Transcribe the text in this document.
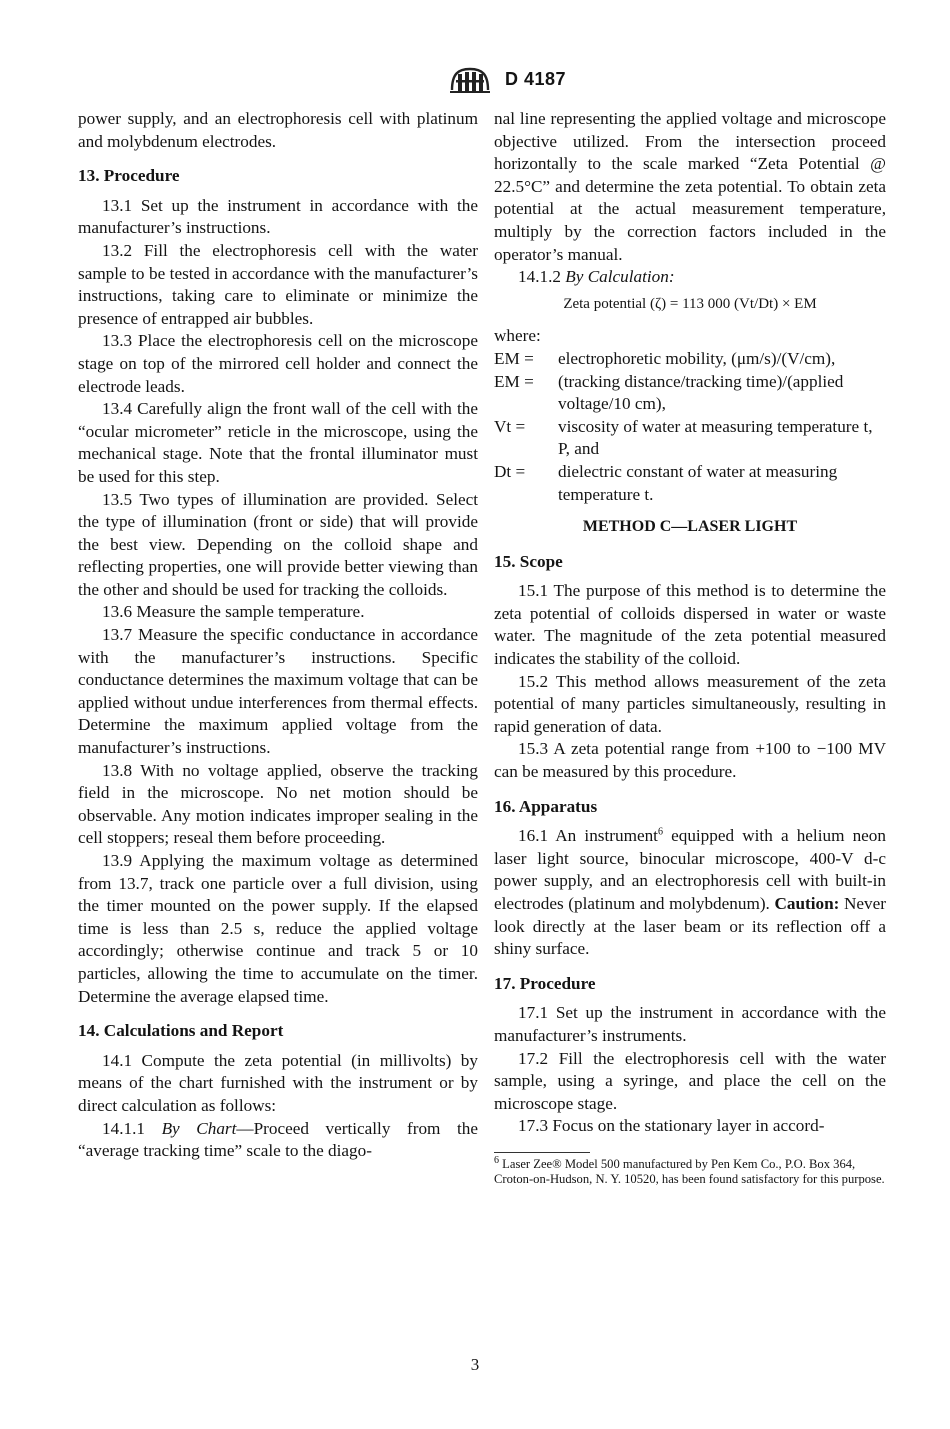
D 4187

power supply, and an electrophoresis cell with platinum and molybdenum electrodes.

13. Procedure

13.1 Set up the instrument in accordance with the manufacturer’s instructions.

13.2 Fill the electrophoresis cell with the water sample to be tested in accordance with the manufacturer’s instructions, taking care to eliminate or minimize the presence of entrapped air bubbles.

13.3 Place the electrophoresis cell on the microscope stage on top of the mirrored cell holder and connect the electrode leads.

13.4 Carefully align the front wall of the cell with the “ocular micrometer” reticle in the microscope, using the mechanical stage. Note that the frontal illuminator must be used for this step.

13.5 Two types of illumination are provided. Select the type of illumination (front or side) that will provide the best view. Depending on the colloid shape and reflecting properties, one will provide better viewing than the other and should be used for tracking the colloids.

13.6 Measure the sample temperature.

13.7 Measure the specific conductance in accordance with the manufacturer’s instructions. Specific conductance determines the maximum voltage that can be applied without undue interferences from thermal effects. Determine the maximum applied voltage from the manufacturer’s instructions.

13.8 With no voltage applied, observe the tracking field in the microscope. No net motion should be observable. Any motion indicates improper sealing in the cell stoppers; reseal them before proceeding.

13.9 Applying the maximum voltage as determined from 13.7, track one particle over a full division, using the timer mounted on the power supply. If the elapsed time is less than 2.5 s, reduce the applied voltage accordingly; otherwise continue and track 5 or 10 particles, allowing the time to accumulate on the timer. Determine the average elapsed time.

14. Calculations and Report

14.1 Compute the zeta potential (in millivolts) by means of the chart furnished with the instrument or by direct calculation as follows:

14.1.1 By Chart—Proceed vertically from the “average tracking time” scale to the diago-

nal line representing the applied voltage and microscope objective utilized. From the intersection proceed horizontally to the scale marked “Zeta Potential @ 22.5°C” and determine the zeta potential. To obtain zeta potential at the actual measurement temperature, multiply by the correction factors included in the operator’s manual.

14.1.2 By Calculation:

Zeta potential (ζ) = 113 000 (Vt/Dt) × EM

where:

EM =	electrophoretic mobility, (μm/s)/(V/cm),
EM =	(tracking distance/tracking time)/(applied voltage/10 cm),
Vt =	viscosity of water at measuring temperature t, P, and
Dt =	dielectric constant of water at measuring temperature t.
METHOD C—LASER LIGHT
15. Scope

15.1 The purpose of this method is to determine the zeta potential of colloids dispersed in water or waste water. The magnitude of the zeta potential measured indicates the stability of the colloid.

15.2 This method allows measurement of the zeta potential of many particles simultaneously, resulting in rapid generation of data.

15.3 A zeta potential range from +100 to −100 MV can be measured by this procedure.

16. Apparatus

16.1 An instrument$^6$ equipped with a helium neon laser light source, binocular microscope, 400-V d-c power supply, and an electrophoresis cell with built-in electrodes (platinum and molybdenum). Caution: Never look directly at the laser beam or its reflection off a shiny surface.

17. Procedure

17.1 Set up the instrument in accordance with the manufacturer’s instruments.

17.2 Fill the electrophoresis cell with the water sample, using a syringe, and place the cell on the microscope stage.

17.3 Focus on the stationary layer in accord-

$^6$ Laser Zee® Model 500 manufactured by Pen Kem Co., P.O. Box 364, Croton-on-Hudson, N. Y. 10520, has been found satisfactory for this purpose.

3
